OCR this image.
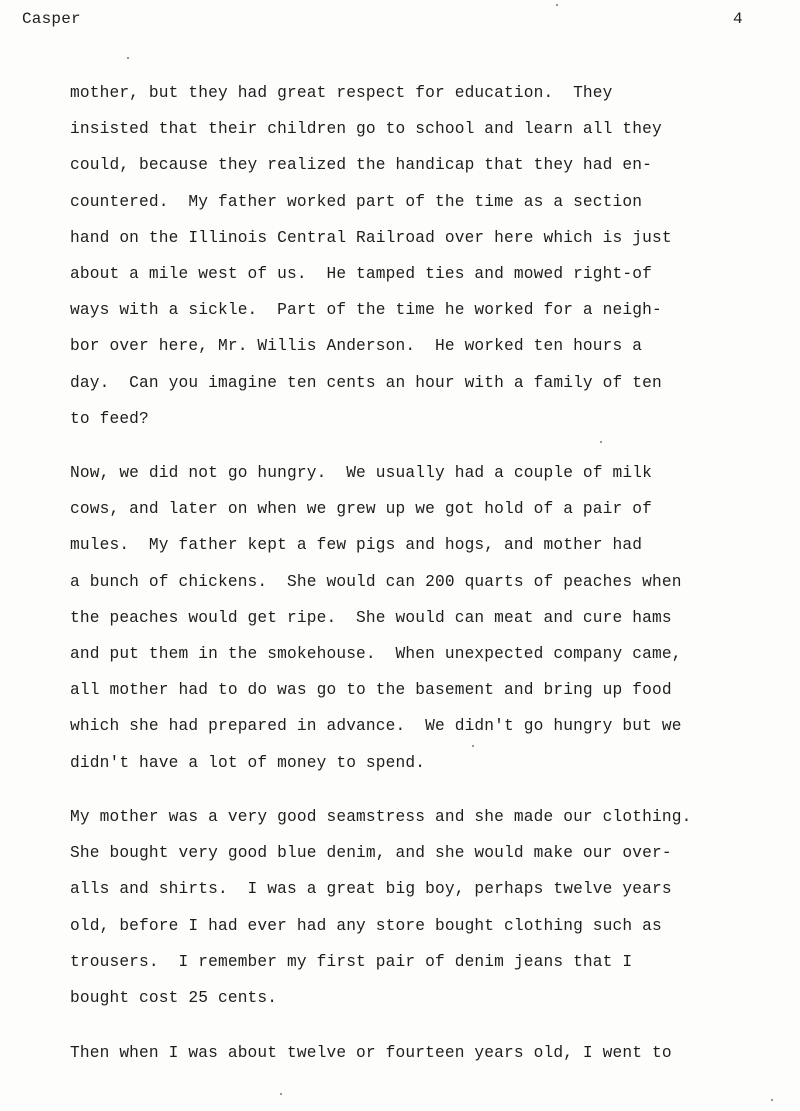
Casper	4
mother, but they had great respect for education.  They
insisted that their children go to school and learn all they
could, because they realized the handicap that they had en-
countered.  My father worked part of the time as a section
hand on the Illinois Central Railroad over here which is just
about a mile west of us.  He tamped ties and mowed right-of
ways with a sickle.  Part of the time he worked for a neigh-
bor over here, Mr. Willis Anderson.  He worked ten hours a
day.  Can you imagine ten cents an hour with a family of ten
to feed?
Now, we did not go hungry.  We usually had a couple of milk
cows, and later on when we grew up we got hold of a pair of
mules.  My father kept a few pigs and hogs, and mother had
a bunch of chickens.  She would can 200 quarts of peaches when
the peaches would get ripe.  She would can meat and cure hams
and put them in the smokehouse.  When unexpected company came,
all mother had to do was go to the basement and bring up food
which she had prepared in advance.  We didn't go hungry but we
didn't have a lot of money to spend.
My mother was a very good seamstress and she made our clothing.
She bought very good blue denim, and she would make our over-
alls and shirts.  I was a great big boy, perhaps twelve years
old, before I had ever had any store bought clothing such as
trousers.  I remember my first pair of denim jeans that I
bought cost 25 cents.
Then when I was about twelve or fourteen years old, I went to
